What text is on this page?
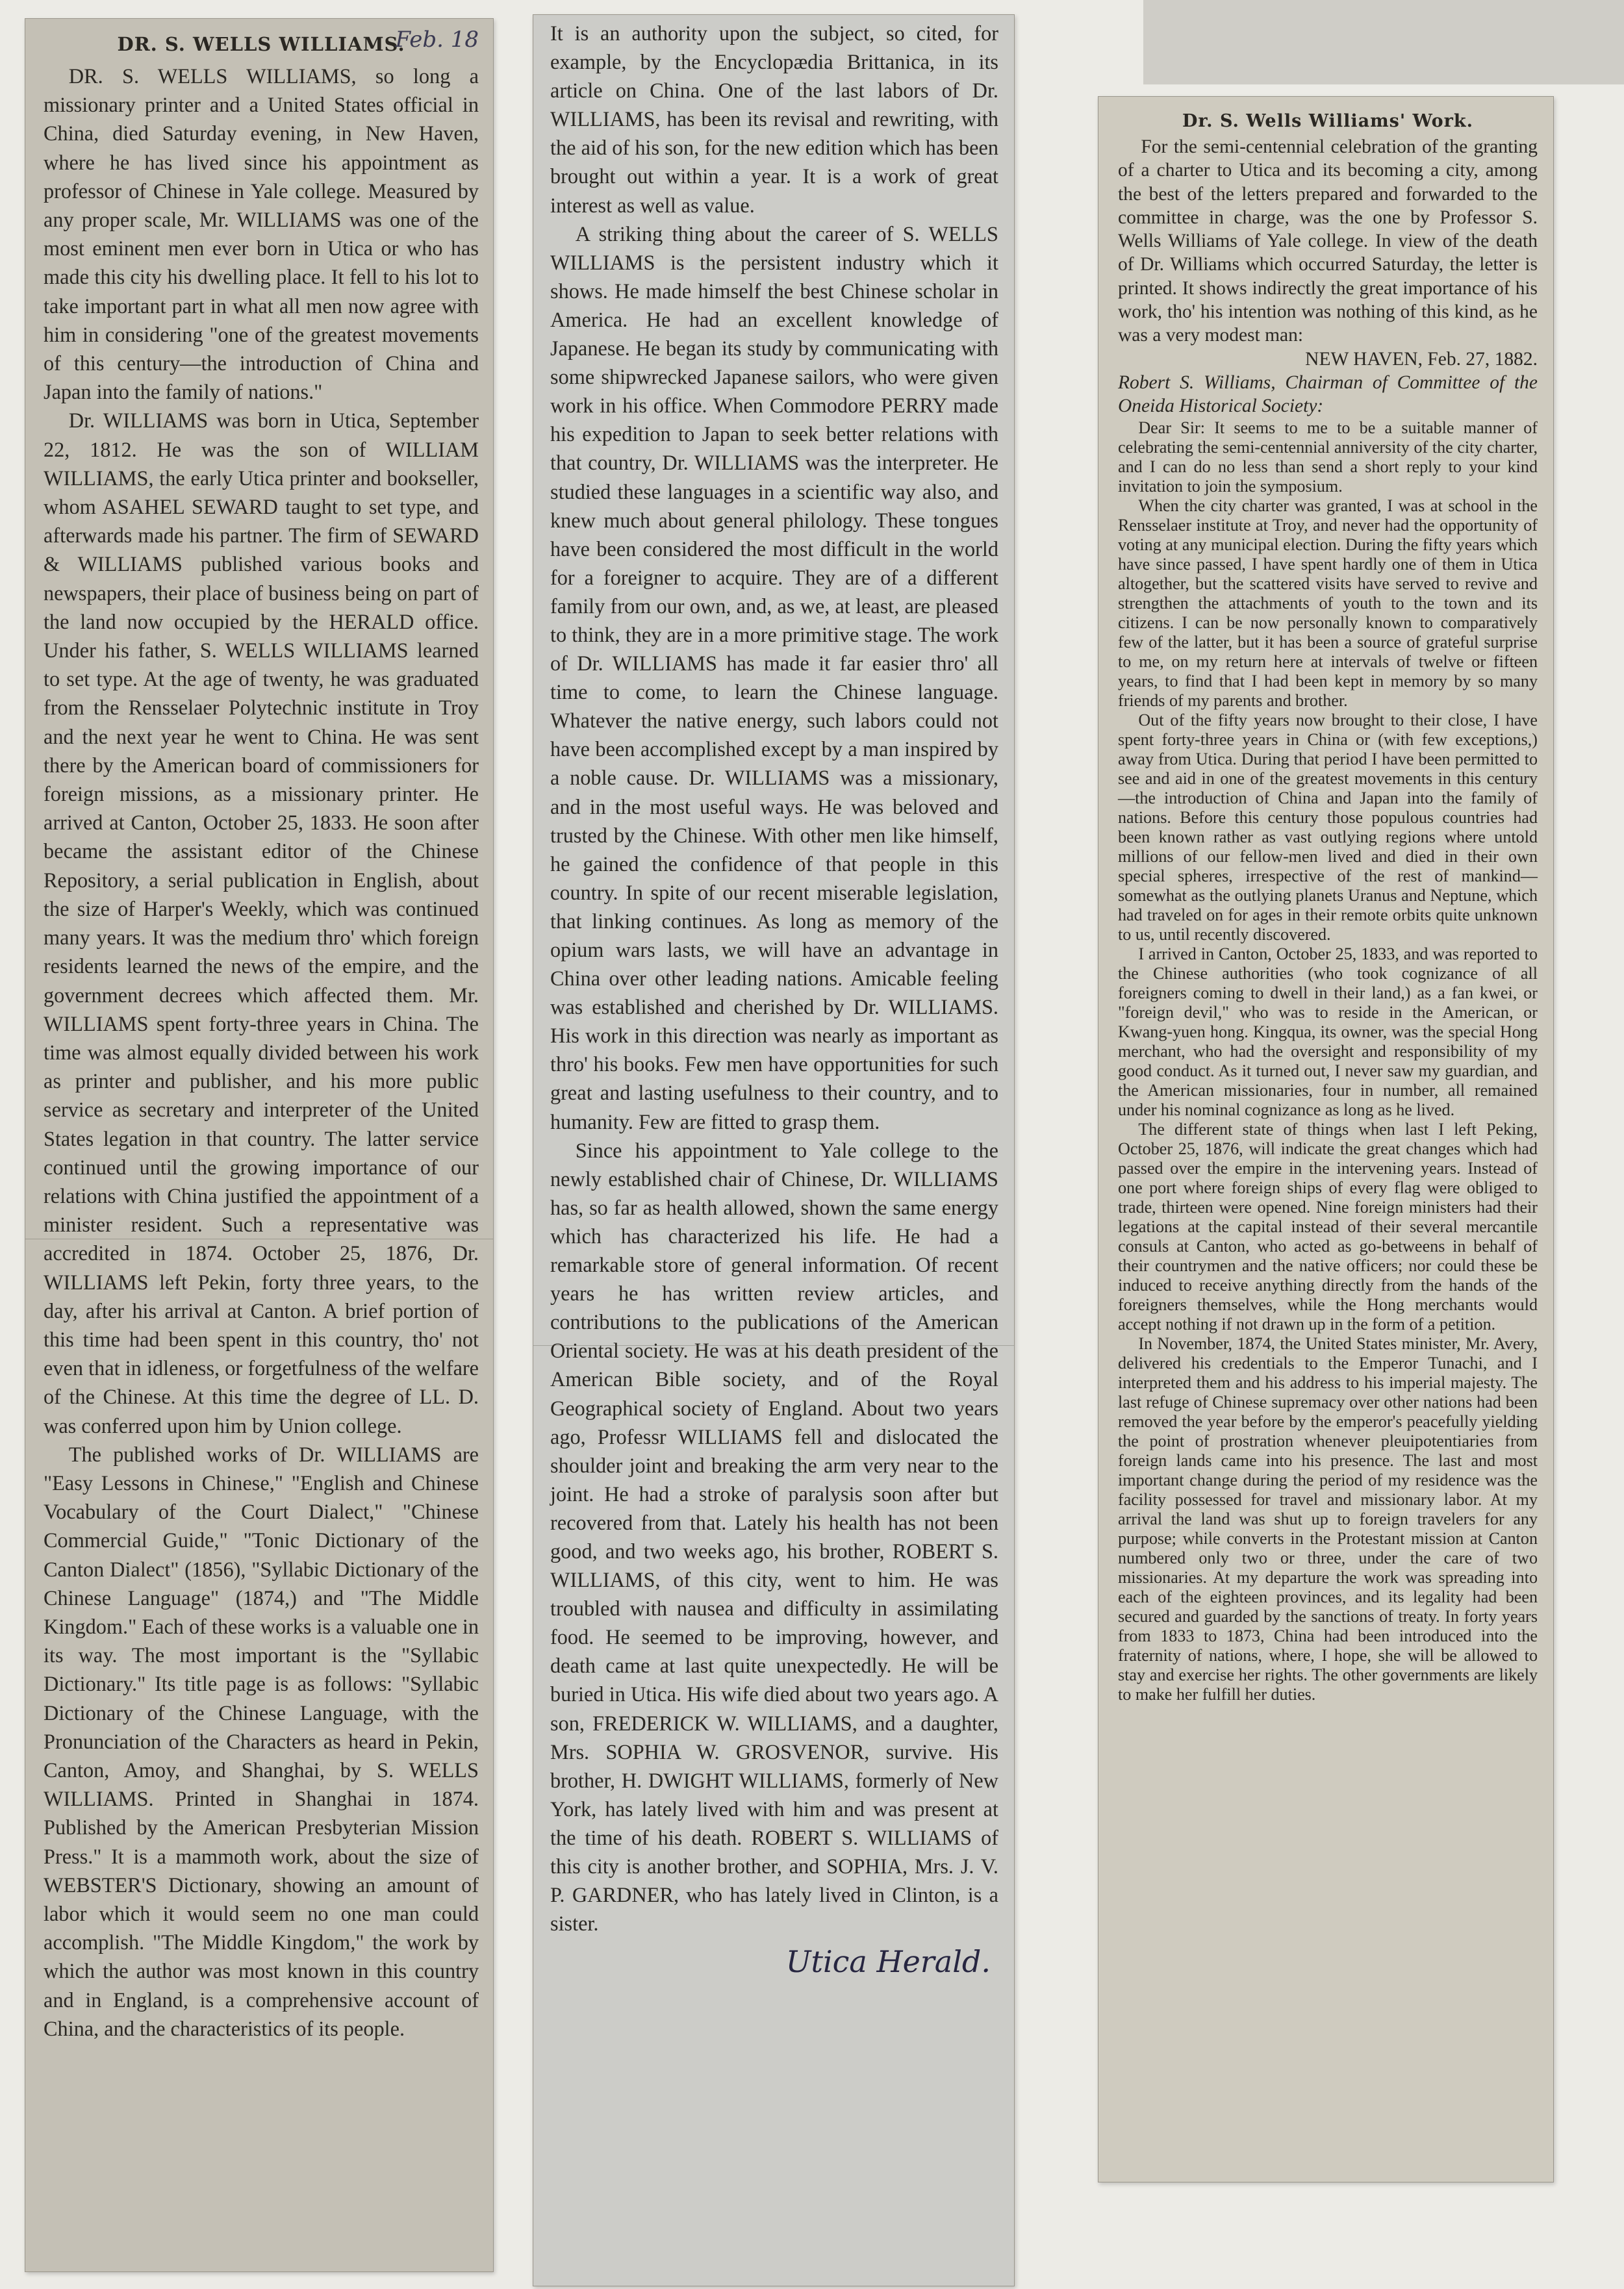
DR. S. WELLS WILLIAMS.
Feb. 18

DR. S. WELLS WILLIAMS, so long a missionary printer and a United States official in China, died Saturday evening, in New Haven, where he has lived since his appointment as professor of Chinese in Yale college. Measured by any proper scale, Mr. WILLIAMS was one of the most eminent men ever born in Utica or who has made this city his dwelling place. It fell to his lot to take important part in what all men now agree with him in considering "one of the greatest movements of this century—the introduction of China and Japan into the family of nations."

Dr. WILLIAMS was born in Utica, September 22, 1812. He was the son of WILLIAM WILLIAMS, the early Utica printer and bookseller, whom ASAHEL SEWARD taught to set type, and afterwards made his partner. The firm of SEWARD & WILLIAMS published various books and newspapers, their place of business being on part of the land now occupied by the HERALD office. Under his father, S. WELLS WILLIAMS learned to set type. At the age of twenty, he was graduated from the Rensselaer Polytechnic institute in Troy and the next year he went to China. He was sent there by the American board of commissioners for foreign missions, as a missionary printer. He arrived at Canton, October 25, 1833. He soon after became the assistant editor of the Chinese Repository, a serial publication in English, about the size of Harper's Weekly, which was continued many years. It was the medium thro' which foreign residents learned the news of the empire, and the government decrees which affected them. Mr. WILLIAMS spent forty-three years in China. The time was almost equally divided between his work as printer and publisher, and his more public service as secretary and interpreter of the United States legation in that country. The latter service continued until the growing importance of our relations with China justified the appointment of a minister resident. Such a representative was accredited in 1874. October 25, 1876, Dr. WILLIAMS left Pekin, forty three years, to the day, after his arrival at Canton. A brief portion of this time had been spent in this country, tho' not even that in idleness, or forgetfulness of the welfare of the Chinese. At this time the degree of LL. D. was conferred upon him by Union college.

The published works of Dr. WILLIAMS are "Easy Lessons in Chinese," "English and Chinese Vocabulary of the Court Dialect," "Chinese Commercial Guide," "Tonic Dictionary of the Canton Dialect" (1856), "Syllabic Dictionary of the Chinese Language" (1874,) and "The Middle Kingdom." Each of these works is a valuable one in its way. The most important is the "Syllabic Dictionary." Its title page is as follows: "Syllabic Dictionary of the Chinese Language, with the Pronunciation of the Characters as heard in Pekin, Canton, Amoy, and Shanghai, by S. WELLS WILLIAMS. Printed in Shanghai in 1874. Published by the American Presbyterian Mission Press." It is a mammoth work, about the size of WEBSTER'S Dictionary, showing an amount of labor which it would seem no one man could accomplish. "The Middle Kingdom," the work by which the author was most known in this country and in England, is a comprehensive account of China, and the characteristics of its people.

It is an authority upon the subject, so cited, for example, by the Encyclopædia Brittanica, in its article on China. One of the last labors of Dr. WILLIAMS, has been its revisal and rewriting, with the aid of his son, for the new edition which has been brought out within a year. It is a work of great interest as well as value.

A striking thing about the career of S. WELLS WILLIAMS is the persistent industry which it shows. He made himself the best Chinese scholar in America. He had an excellent knowledge of Japanese. He began its study by communicating with some shipwrecked Japanese sailors, who were given work in his office. When Commodore PERRY made his expedition to Japan to seek better relations with that country, Dr. WILLIAMS was the interpreter. He studied these languages in a scientific way also, and knew much about general philology. These tongues have been considered the most difficult in the world for a foreigner to acquire. They are of a different family from our own, and, as we, at least, are pleased to think, they are in a more primitive stage. The work of Dr. WILLIAMS has made it far easier thro' all time to come, to learn the Chinese language. Whatever the native energy, such labors could not have been accomplished except by a man inspired by a noble cause. Dr. WILLIAMS was a missionary, and in the most useful ways. He was beloved and trusted by the Chinese. With other men like himself, he gained the confidence of that people in this country. In spite of our recent miserable legislation, that linking continues. As long as memory of the opium wars lasts, we will have an advantage in China over other leading nations. Amicable feeling was established and cherished by Dr. WILLIAMS. His work in this direction was nearly as important as thro' his books. Few men have opportunities for such great and lasting usefulness to their country, and to humanity. Few are fitted to grasp them.

Since his appointment to Yale college to the newly established chair of Chinese, Dr. WILLIAMS has, so far as health allowed, shown the same energy which has characterized his life. He had a remarkable store of general information. Of recent years he has written review articles, and contributions to the publications of the American Oriental society. He was at his death president of the American Bible society, and of the Royal Geographical society of England. About two years ago, Professr WILLIAMS fell and dislocated the shoulder joint and breaking the arm very near to the joint. He had a stroke of paralysis soon after but recovered from that. Lately his health has not been good, and two weeks ago, his brother, ROBERT S. WILLIAMS, of this city, went to him. He was troubled with nausea and difficulty in assimilating food. He seemed to be improving, however, and death came at last quite unexpectedly. He will be buried in Utica. His wife died about two years ago. A son, FREDERICK W. WILLIAMS, and a daughter, Mrs. SOPHIA W. GROSVENOR, survive. His brother, H. DWIGHT WILLIAMS, formerly of New York, has lately lived with him and was present at the time of his death. ROBERT S. WILLIAMS of this city is another brother, and SOPHIA, Mrs. J. V. P. GARDNER, who has lately lived in Clinton, is a sister.

Utica Herald.
Dr. S. Wells Williams' Work.

For the semi-centennial celebration of the granting of a charter to Utica and its becoming a city, among the best of the letters prepared and forwarded to the committee in charge, was the one by Professor S. Wells Williams of Yale college. In view of the death of Dr. Williams which occurred Saturday, the letter is printed. It shows indirectly the great importance of his work, tho' his intention was nothing of this kind, as he was a very modest man:

NEW HAVEN, Feb. 27, 1882.

Robert S. Williams, Chairman of Committee of the Oneida Historical Society:

Dear Sir: It seems to me to be a suitable manner of celebrating the semi-centennial anniversity of the city charter, and I can do no less than send a short reply to your kind invitation to join the symposium.

When the city charter was granted, I was at school in the Rensselaer institute at Troy, and never had the opportunity of voting at any municipal election. During the fifty years which have since passed, I have spent hardly one of them in Utica altogether, but the scattered visits have served to revive and strengthen the attachments of youth to the town and its citizens. I can be now personally known to comparatively few of the latter, but it has been a source of grateful surprise to me, on my return here at intervals of twelve or fifteen years, to find that I had been kept in memory by so many friends of my parents and brother.

Out of the fifty years now brought to their close, I have spent forty-three years in China or (with few exceptions,) away from Utica. During that period I have been permitted to see and aid in one of the greatest movements in this century—the introduction of China and Japan into the family of nations. Before this century those populous countries had been known rather as vast outlying regions where untold millions of our fellow-men lived and died in their own special spheres, irrespective of the rest of mankind—somewhat as the outlying planets Uranus and Neptune, which had traveled on for ages in their remote orbits quite unknown to us, until recently discovered.

I arrived in Canton, October 25, 1833, and was reported to the Chinese authorities (who took cognizance of all foreigners coming to dwell in their land,) as a fan kwei, or "foreign devil," who was to reside in the American, or Kwang-yuen hong. Kingqua, its owner, was the special Hong merchant, who had the oversight and responsibility of my good conduct. As it turned out, I never saw my guardian, and the American missionaries, four in number, all remained under his nominal cognizance as long as he lived.

The different state of things when last I left Peking, October 25, 1876, will indicate the great changes which had passed over the empire in the intervening years. Instead of one port where foreign ships of every flag were obliged to trade, thirteen were opened. Nine foreign ministers had their legations at the capital instead of their several mercantile consuls at Canton, who acted as go-betweens in behalf of their countrymen and the native officers; nor could these be induced to receive anything directly from the hands of the foreigners themselves, while the Hong merchants would accept nothing if not drawn up in the form of a petition.

In November, 1874, the United States minister, Mr. Avery, delivered his credentials to the Emperor Tunachi, and I interpreted them and his address to his imperial majesty. The last refuge of Chinese supremacy over other nations had been removed the year before by the emperor's peacefully yielding the point of prostration whenever pleuipotentiaries from foreign lands came into his presence. The last and most important change during the period of my residence was the facility possessed for travel and missionary labor. At my arrival the land was shut up to foreign travelers for any purpose; while converts in the Protestant mission at Canton numbered only two or three, under the care of two missionaries. At my departure the work was spreading into each of the eighteen provinces, and its legality had been secured and guarded by the sanctions of treaty. In forty years from 1833 to 1873, China had been introduced into the fraternity of nations, where, I hope, she will be allowed to stay and exercise her rights. The other governments are likely to make her fulfill her duties.
